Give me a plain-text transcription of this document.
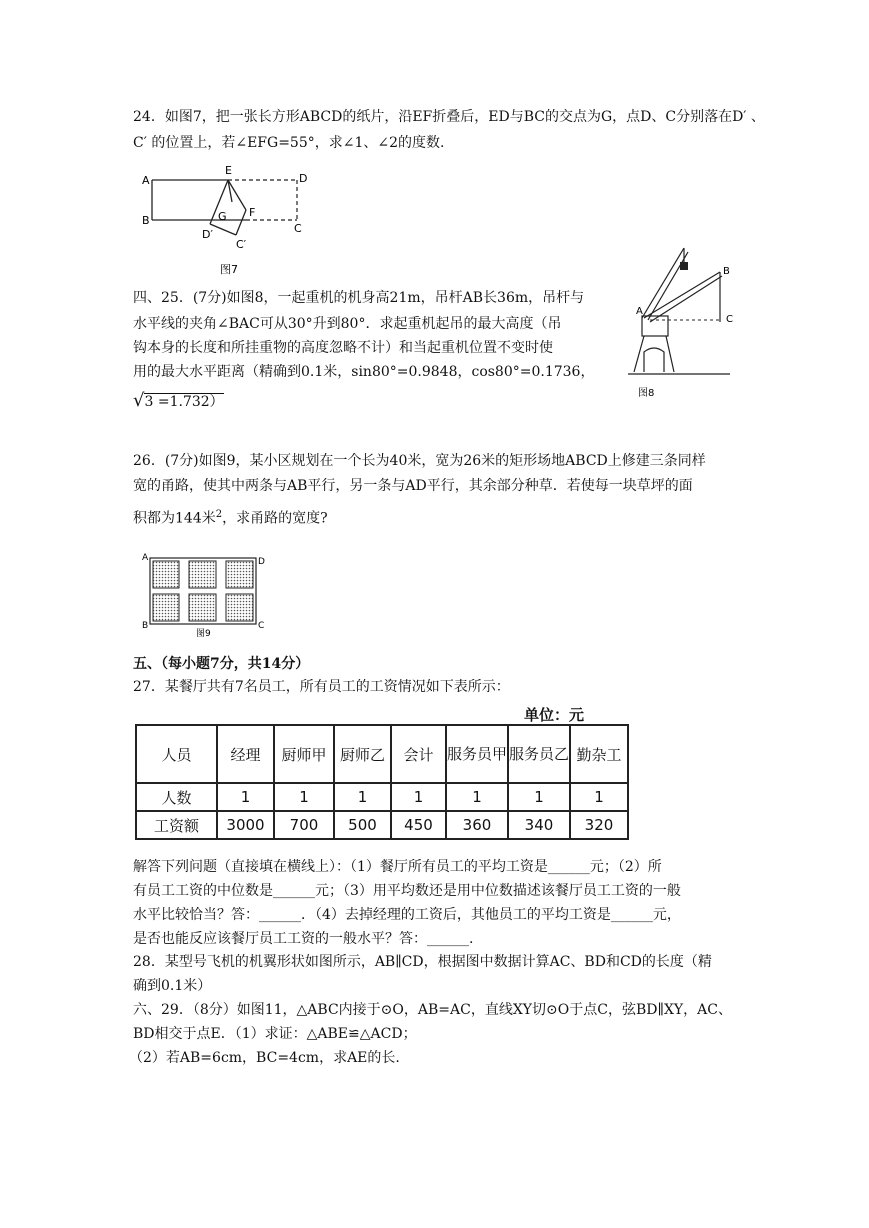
24．如图7，把一张长方形ABCD的纸片，沿EF折叠后，ED与BC的交点为G，点D、C分别落在D′ 、
C′ 的位置上，若∠EFG=55°，求∠1、∠2的度数.
A
B
E
D
C
G F
D′
C′
图7
四、25．(7分)如图8，一起重机的机身高21m，吊杆AB长36m，吊杆与
水平线的夹角∠BAC可从30°升到80°．求起重机起吊的最大高度（吊
钩本身的长度和所挂重物的高度忽略不计）和当起重机位置不变时使
用的最大水平距离（精确到0.1米，sin80°=0.9848，cos80°=0.1736，
√3 =1.732）
A
B
C
图8
26．(7分)如图9，某小区规划在一个长为40米，宽为26米的矩形场地ABCD上修建三条同样
宽的甬路，使其中两条与AB平行，另一条与AD平行，其余部分种草．若使每一块草坪的面
积都为144米$^2$，求甬路的宽度?
A	D
B	C
图9
五、（每小题7分，共14分）
27．某餐厅共有7名员工，所有员工的工资情况如下表所示：
单位：元
人员	经理	厨师甲	厨师乙	会计	服务员甲	服务员乙	勤杂工
人数	1	1	1	1	1	1	1
工资额	3000	700	500	450	360	340	320
解答下列问题（直接填在横线上）：（1）餐厅所有员工的平均工资是______元；（2）所
有员工工资的中位数是______元；（3）用平均数还是用中位数描述该餐厅员工工资的一般
水平比较恰当？答：______．（4）去掉经理的工资后，其他员工的平均工资是______元，
是否也能反应该餐厅员工工资的一般水平？答：______.
28．某型号飞机的机翼形状如图所示，AB∥CD，根据图中数据计算AC、BD和CD的长度（精
确到0.1米）
六、29．（8分）如图11，△ABC内接于⊙O，AB=AC，直线XY切⊙O于点C，弦BD∥XY，AC、
BD相交于点E．（1）求证：△ABE≌△ACD；
（2）若AB=6cm，BC=4cm，求AE的长.
